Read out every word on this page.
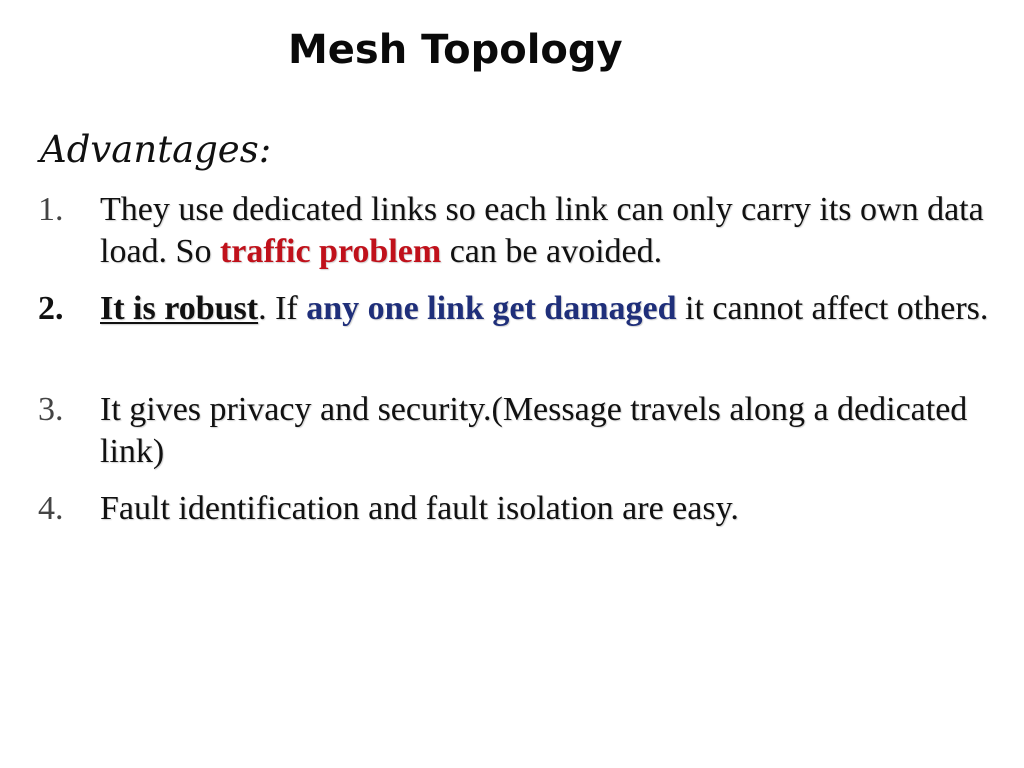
Mesh Topology
Advantages:
1. They use dedicated links so each link can only carry its own data load. So traffic problem can be avoided.
2. It is robust. If any one link get damaged it cannot affect others.
3. It gives privacy and security.(Message travels along a dedicated link)
4. Fault identification and fault isolation are easy.
